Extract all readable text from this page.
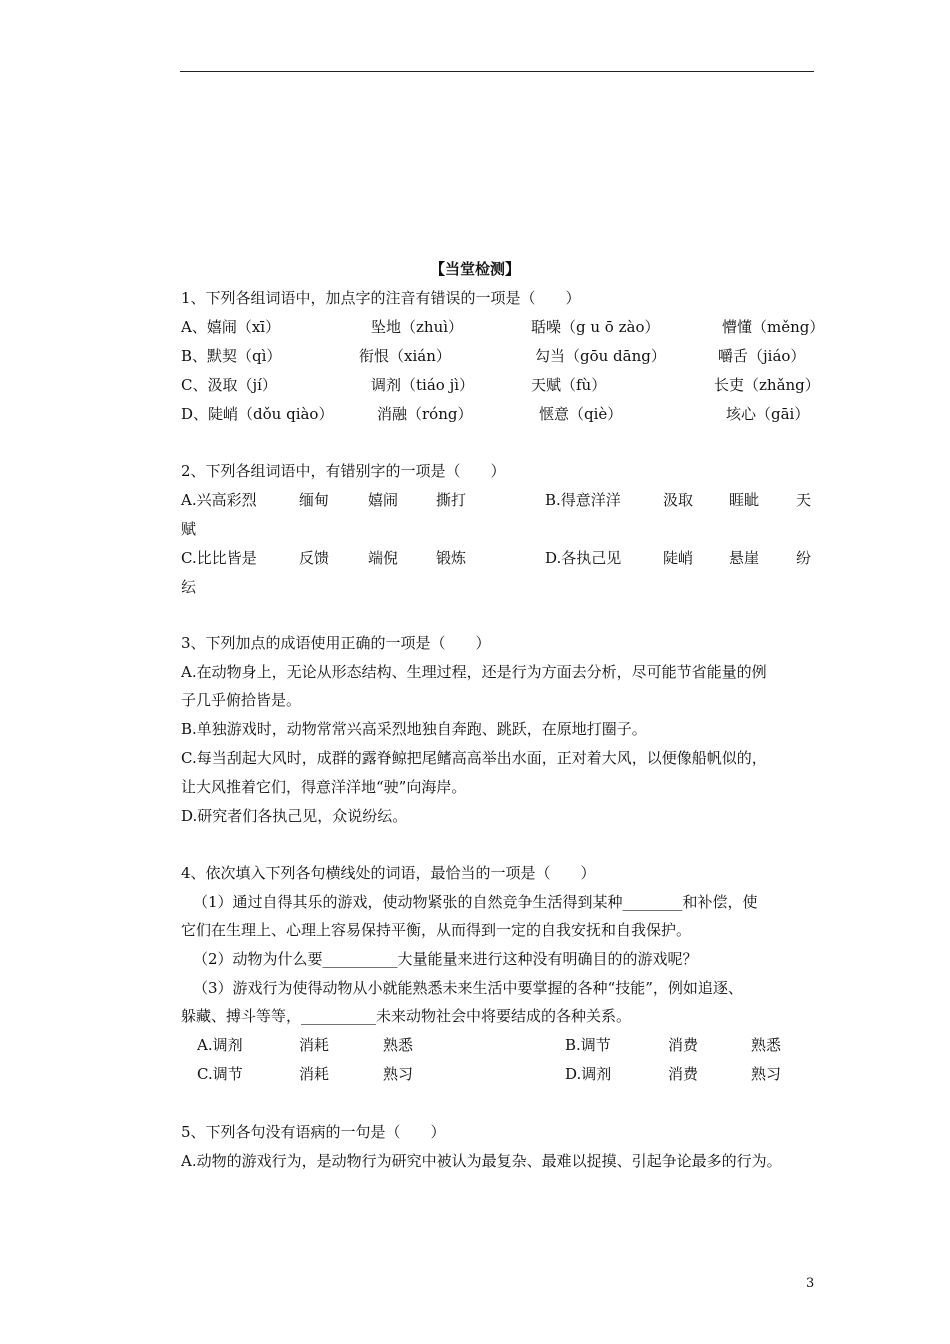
【当堂检测】
1、下列各组词语中，加点字的注音有错误的一项是（　　）
A、嬉闹（xī）	坠地（zhuì）	聒噪（g u ō zào）	懵懂（měng）
B、默契（qì）	衔恨（xián）	勾当（gōu dāng）	嚼舌（jiáo）
C、汲取（jí）	调剂（tiáo jì）	天赋（fù）	长吏（zhǎng）
D、陡峭（dǒu qiào）	消融（róng）	惬意（qiè）	垓心（gāi）
2、下列各组词语中，有错别字的一项是（　　）
A.兴高彩烈	缅甸	嬉闹	撕打	B.得意洋洋	汲取 睚眦 天
赋
C.比比皆是	反馈	端倪	锻炼	D.各执己见	陡峭 悬崖 纷
纭
3、下列加点的成语使用正确的一项是（　　）
A.在动物身上，无论从形态结构、生理过程，还是行为方面去分析，尽可能节省能量的例
子几乎俯拾皆是。
B.单独游戏时，动物常常兴高采烈地独自奔跑、跳跃，在原地打圈子。
C.每当刮起大风时，成群的露脊鲸把尾鳍高高举出水面，正对着大风，以便像船帆似的，
让大风推着它们，得意洋洋地“驶”向海岸。
D.研究者们各执己见，众说纷纭。
4、依次填入下列各句横线处的词语，最恰当的一项是（　　）
（1）通过自得其乐的游戏，使动物紧张的自然竞争生活得到某种________和补偿，使
它们在生理上、心理上容易保持平衡，从而得到一定的自我安抚和自我保护。
（2）动物为什么要__________大量能量来进行这种没有明确目的的游戏呢？
（3）游戏行为使得动物从小就能熟悉未来生活中要掌握的各种“技能”，例如追逐、
躲藏、搏斗等等，__________未来动物社会中将要结成的各种关系。
A.调剂	消耗	熟悉	B.调节	消费	熟悉
C.调节	消耗	熟习	D.调剂	消费	熟习
5、下列各句没有语病的一句是（　　）
A.动物的游戏行为，是动物行为研究中被认为最复杂、最难以捉摸、引起争论最多的行为。
3
